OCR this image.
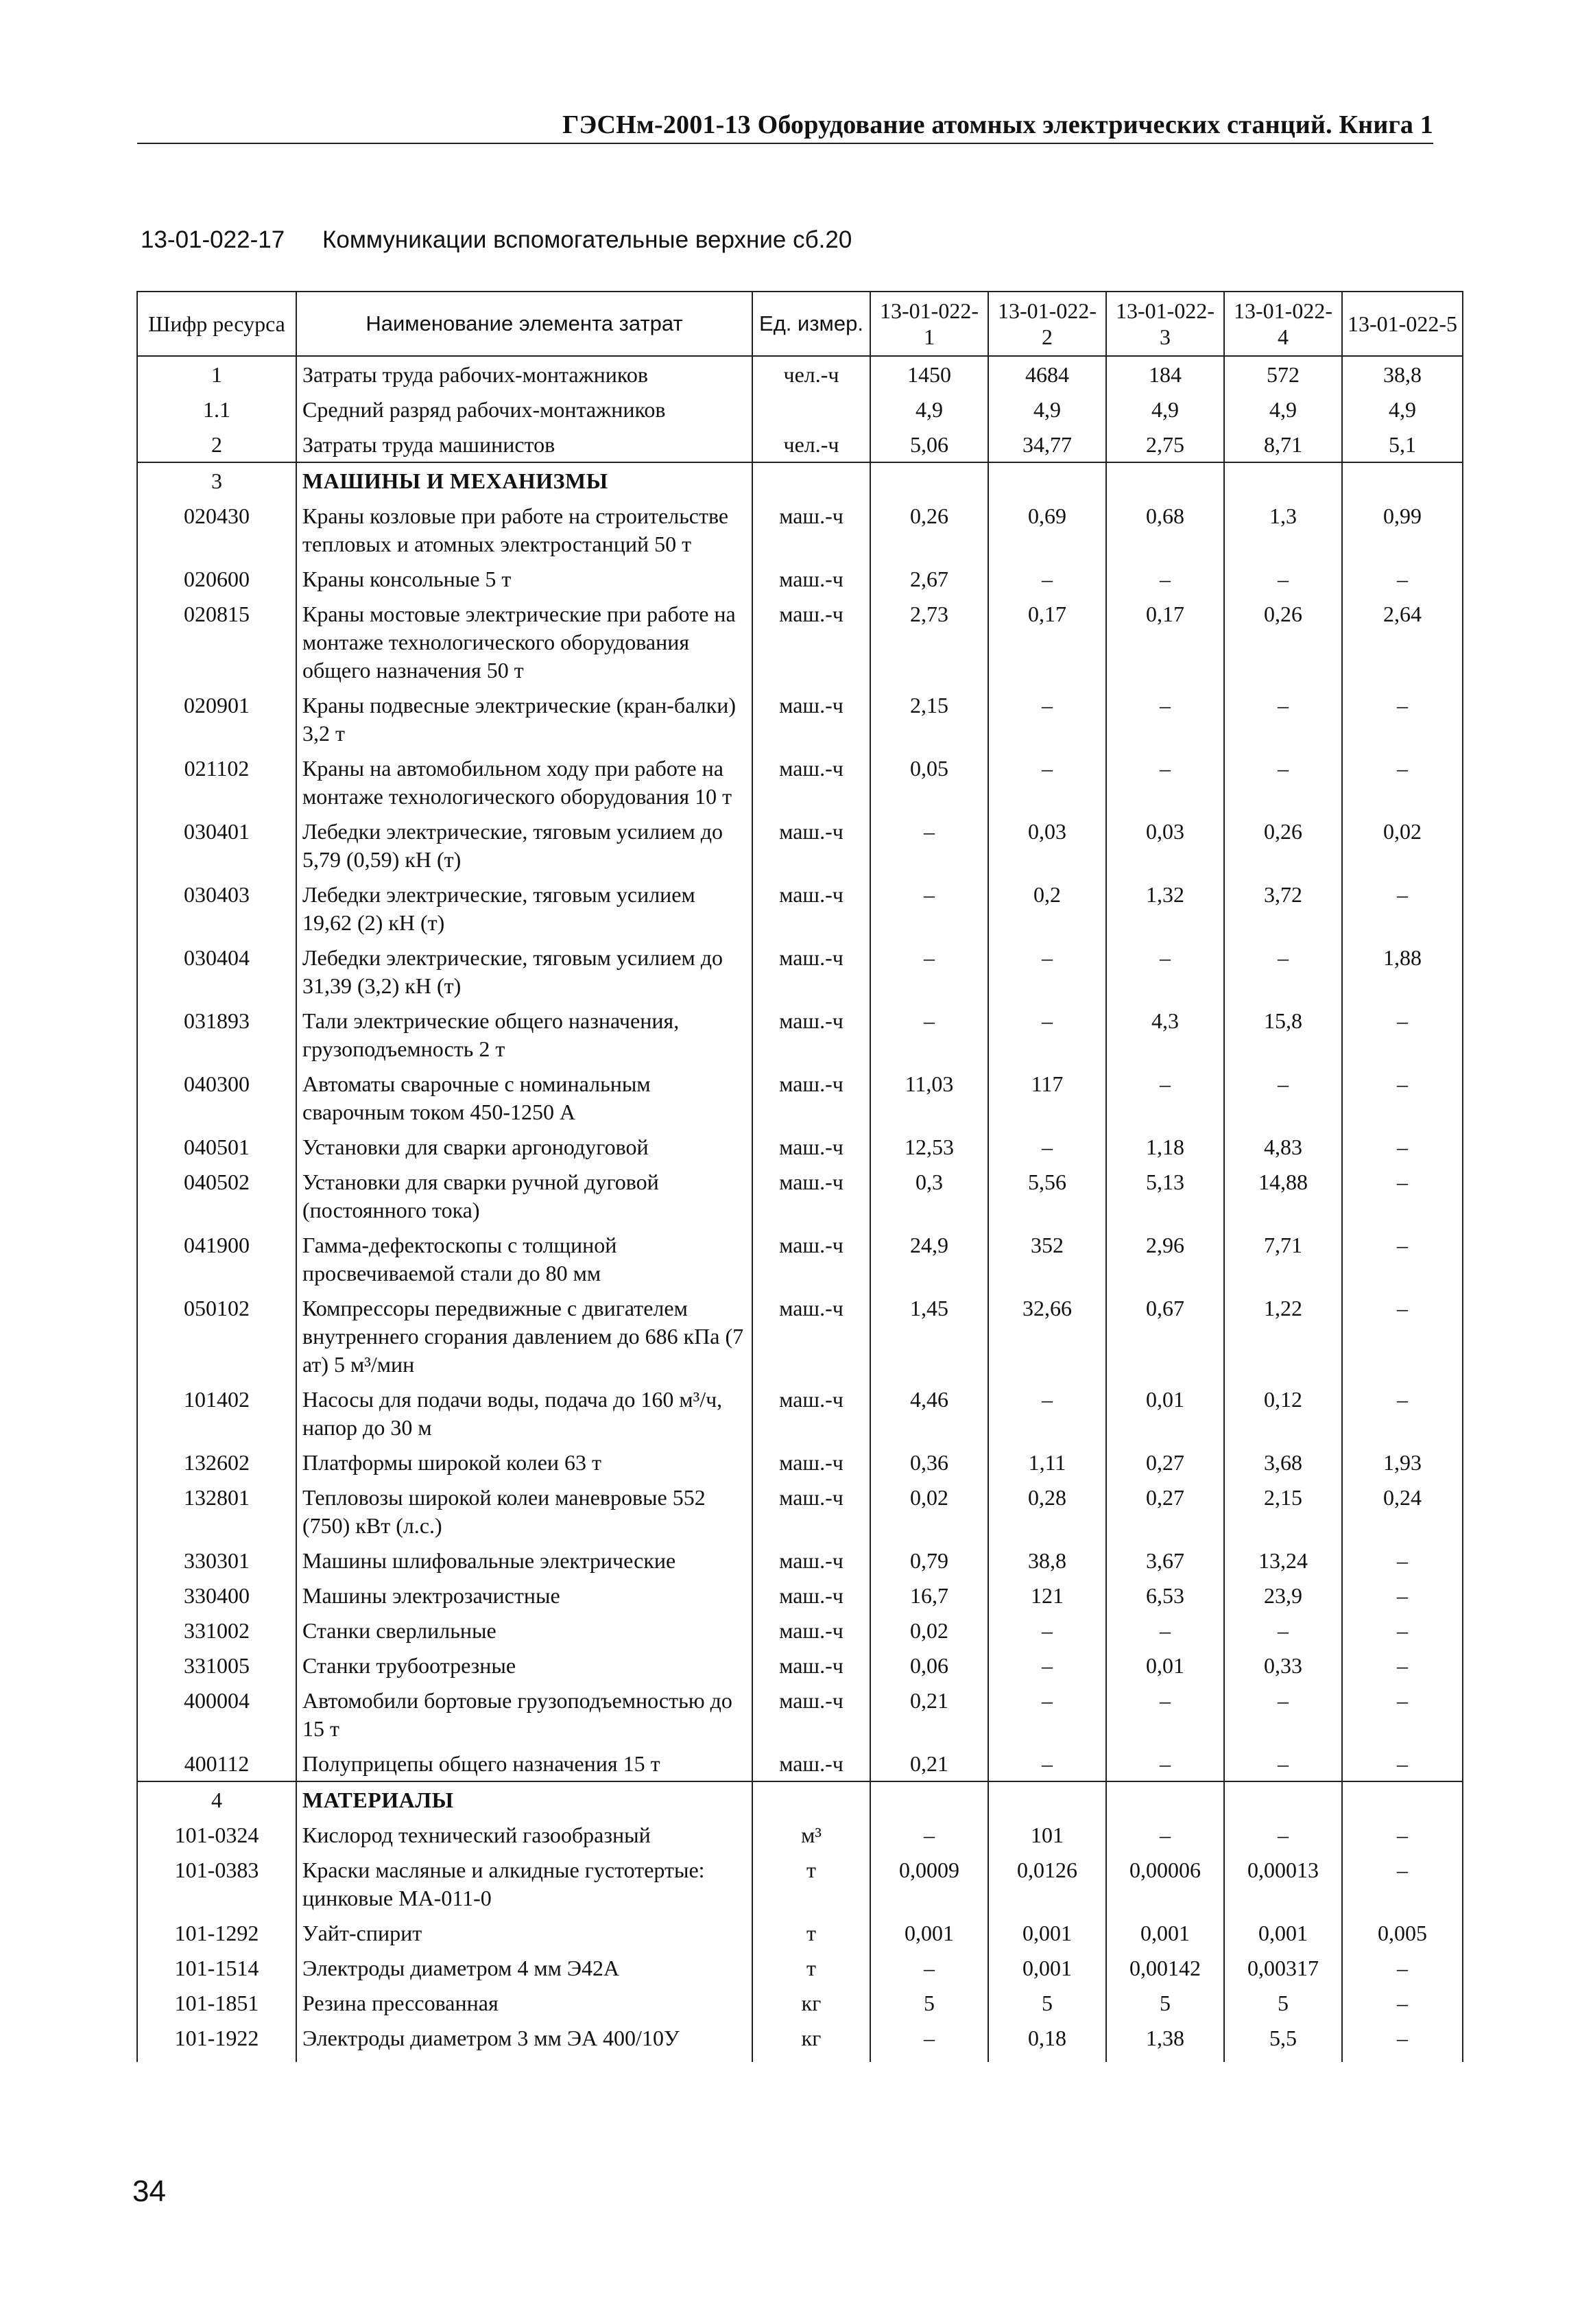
ГЭСНм-2001-13 Оборудование атомных электрических станций. Книга 1
13-01-022-17 Коммуникации вспомогательные верхние сб.20
Шифр ресурса	Наименование элемента затрат	Ед. измер.	13-01-022-1	13-01-022-2	13-01-022-3	13-01-022-4	13-01-022-5
1	Затраты труда рабочих-монтажников	чел.-ч	1450	4684	184	572	38,8
1.1	Средний разряд рабочих-монтажников		4,9	4,9	4,9	4,9	4,9
2	Затраты труда машинистов	чел.-ч	5,06	34,77	2,75	8,71	5,1
3	МАШИНЫ И МЕХАНИЗМЫ						
020430	Краны козловые при работе на строительстве тепловых и атомных электростанций 50 т	маш.-ч	0,26	0,69	0,68	1,3	0,99
020600	Краны консольные 5 т	маш.-ч	2,67	–	–	–	–
020815	Краны мостовые электрические при работе на монтаже технологического оборудования общего назначения 50 т	маш.-ч	2,73	0,17	0,17	0,26	2,64
020901	Краны подвесные электрические (кран-балки) 3,2 т	маш.-ч	2,15	–	–	–	–
021102	Краны на автомобильном ходу при работе на монтаже технологического оборудования 10 т	маш.-ч	0,05	–	–	–	–
030401	Лебедки электрические, тяговым усилием до 5,79 (0,59) кН (т)	маш.-ч	–	0,03	0,03	0,26	0,02
030403	Лебедки электрические, тяговым усилием 19,62 (2) кН (т)	маш.-ч	–	0,2	1,32	3,72	–
030404	Лебедки электрические, тяговым усилием до 31,39 (3,2) кН (т)	маш.-ч	–	–	–	–	1,88
031893	Тали электрические общего назначения, грузоподъемность 2 т	маш.-ч	–	–	4,3	15,8	–
040300	Автоматы сварочные с номинальным сварочным током 450-1250 А	маш.-ч	11,03	117	–	–	–
040501	Установки для сварки аргонодуговой	маш.-ч	12,53	–	1,18	4,83	–
040502	Установки для сварки ручной дуговой (постоянного тока)	маш.-ч	0,3	5,56	5,13	14,88	–
041900	Гамма-дефектоскопы с толщиной просвечиваемой стали до 80 мм	маш.-ч	24,9	352	2,96	7,71	–
050102	Компрессоры передвижные с двигателем внутреннего сгорания давлением до 686 кПа (7 ат) 5 м³/мин	маш.-ч	1,45	32,66	0,67	1,22	–
101402	Насосы для подачи воды, подача до 160 м³/ч, напор до 30 м	маш.-ч	4,46	–	0,01	0,12	–
132602	Платформы широкой колеи 63 т	маш.-ч	0,36	1,11	0,27	3,68	1,93
132801	Тепловозы широкой колеи маневровые 552 (750) кВт (л.с.)	маш.-ч	0,02	0,28	0,27	2,15	0,24
330301	Машины шлифовальные электрические	маш.-ч	0,79	38,8	3,67	13,24	–
330400	Машины электрозачистные	маш.-ч	16,7	121	6,53	23,9	–
331002	Станки сверлильные	маш.-ч	0,02	–	–	–	–
331005	Станки трубоотрезные	маш.-ч	0,06	–	0,01	0,33	–
400004	Автомобили бортовые грузоподъемностью до 15 т	маш.-ч	0,21	–	–	–	–
400112	Полуприцепы общего назначения 15 т	маш.-ч	0,21	–	–	–	–
4	МАТЕРИАЛЫ						
101-0324	Кислород технический газообразный	м³	–	101	–	–	–
101-0383	Краски масляные и алкидные густотертые: цинковые МА-011-0	т	0,0009	0,0126	0,00006	0,00013	–
101-1292	Уайт-спирит	т	0,001	0,001	0,001	0,001	0,005
101-1514	Электроды диаметром 4 мм Э42А	т	–	0,001	0,00142	0,00317	–
101-1851	Резина прессованная	кг	5	5	5	5	–
101-1922	Электроды диаметром 3 мм ЭА 400/10У	кг	–	0,18	1,38	5,5	–
34
